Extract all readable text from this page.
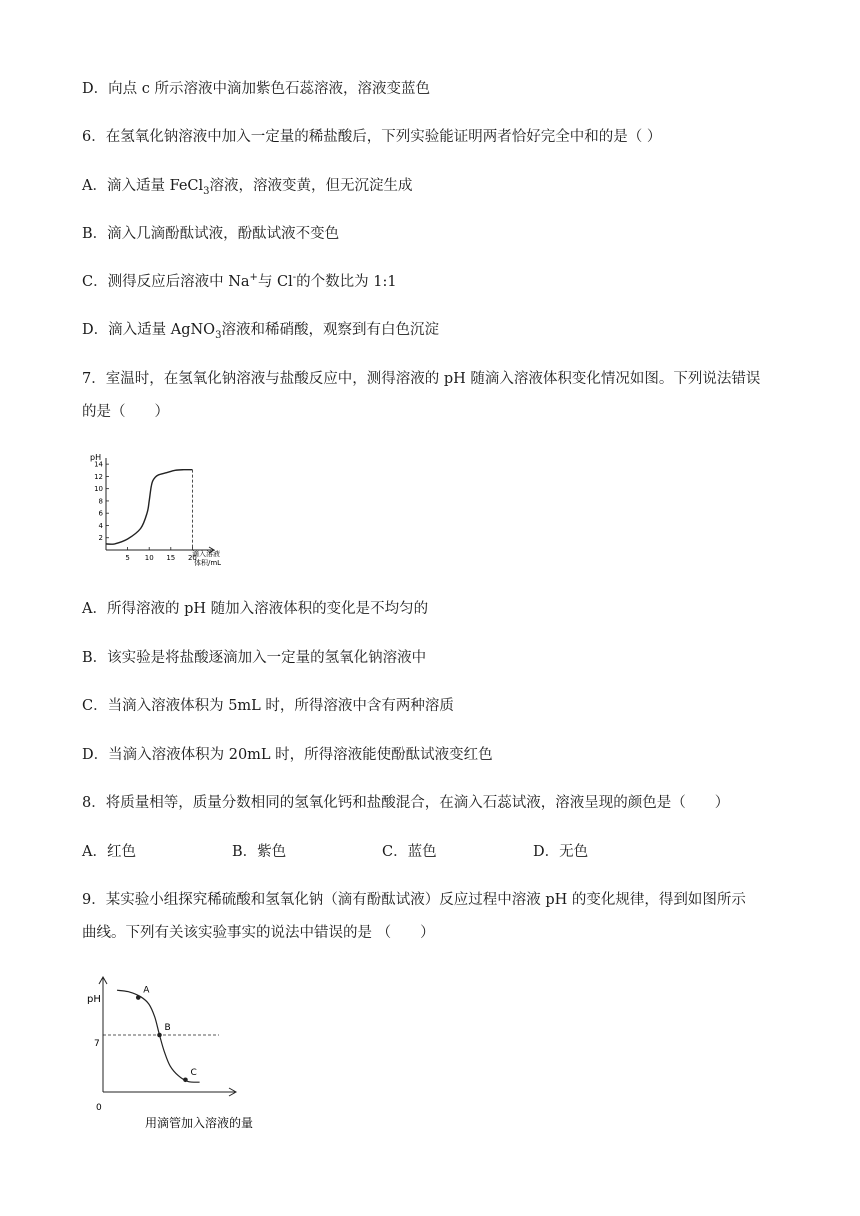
D．向点 c 所示溶液中滴加紫色石蕊溶液，溶液变蓝色
6．在氢氧化钠溶液中加入一定量的稀盐酸后，下列实验能证明两者恰好完全中和的是（ ）
A．滴入适量 FeCl$_3$溶液，溶液变黄，但无沉淀生成
B．滴入几滴酚酞试液，酚酞试液不变色
C．测得反应后溶液中 Na+与 Cl-的个数比为 1:1
D．滴入适量 AgNO$_3$溶液和稀硝酸，观察到有白色沉淀
7．室温时，在氢氧化钠溶液与盐酸反应中，测得溶液的 pH 随滴入溶液体积变化情况如图。下列说法错误
的是（　　）
pH
2
4
6
8
10
12
14
5 10 15 20
滴入溶液
体积/mL
A．所得溶液的 pH 随加入溶液体积的变化是不均匀的
B．该实验是将盐酸逐滴加入一定量的氢氧化钠溶液中
C．当滴入溶液体积为 5mL 时，所得溶液中含有两种溶质
D．当滴入溶液体积为 20mL 时，所得溶液能使酚酞试液变红色
8．将质量相等，质量分数相同的氢氧化钙和盐酸混合，在滴入石蕊试液，溶液呈现的颜色是（　　）
A．红色	B．紫色	C．蓝色	D．无色
9．某实验小组探究稀硫酸和氢氧化钠（滴有酚酞试液）反应过程中溶液 pH 的变化规律，得到如图所示
曲线。下列有关该实验事实的说法中错误的是 （　　）
pH
0
7
A
B
C
用滴管加入溶液的量
